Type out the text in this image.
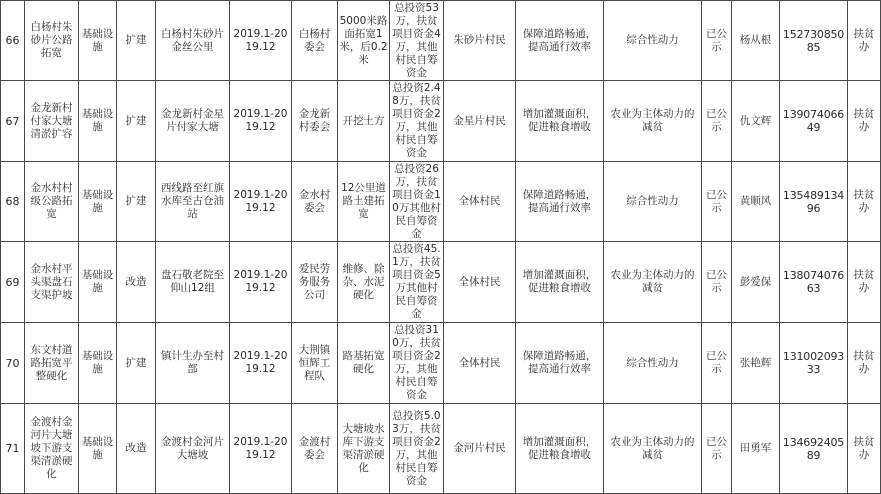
66	白杨村朱砂片公路拓宽	基础设施	扩建	白杨村朱砂片金丝公里	2019.1-2019.12	白杨村委会	5000米路面拓宽1米，后0.2米	总投资53万，扶贫项目资金4万，其他村民自筹资金	朱砂片村民	保障道路畅通，提高通行效率	综合性动力	已公示	杨从根	15273085085	扶贫办
67	金龙新村付家大塘清淤扩容	基础设施	扩建	金龙新村金星片付家大塘	2019.1-2019.12	金龙新村委会	开挖土方	总投资2.48万，扶贫项目资金2万，其他村民自筹资金	金星片村民	增加灌溉面积，促进粮食增收	农业为主体动力的减贫	已公示	仇文辉	13907406649	扶贫办
68	金水村村级公路拓宽	基础设施	扩建	西线路至红旗水库至古仓油站	2019.1-2019.12	金水村委会	12公里道路土建拓宽	总投资26万，扶贫项目资金10万其他村民自筹资金	全体村民	保障道路畅通，提高通行效率	综合性动力	已公示	黄顺风	13548913496	扶贫办
69	金水村平头渠盘石支渠护坡	基础设施	改造	盘石敬老院至仰山12组	2019.1-2019.12	爱民劳务服务公司	维修、除杂、水泥硬化	总投资45.1万，扶贫项目资金5万其他村民自筹资金	全体村民	增加灌溉面积，促进粮食增收	农业为主体动力的减贫	已公示	彭爱保	13807407663	扶贫办
70	东文村道路拓宽平整硬化	基础设施	扩建	镇计生办至村部	2019.1-2019.12	大荆镇恒辉工程队	路基拓宽硬化	总投资310万，扶贫项目资金2万，其他村民自筹资金	全体村民	保障道路畅通，提高通行效率	综合性动力	已公示	张艳辉	13100209333	扶贫办
71	金渡村金河片大塘坡下游支渠清淤硬化	基础设施	改造	金渡村金河片大塘坡	2019.1-2019.12	金渡村委会	大塘坡水库下游支渠清淤硬化	总投资5.03万，扶贫项目资金2万，其他村民自筹资金	金河片村民	增加灌溉面积，促进粮食增收	农业为主体动力的减贫	已公示	田勇军	13469240589	扶贫办
